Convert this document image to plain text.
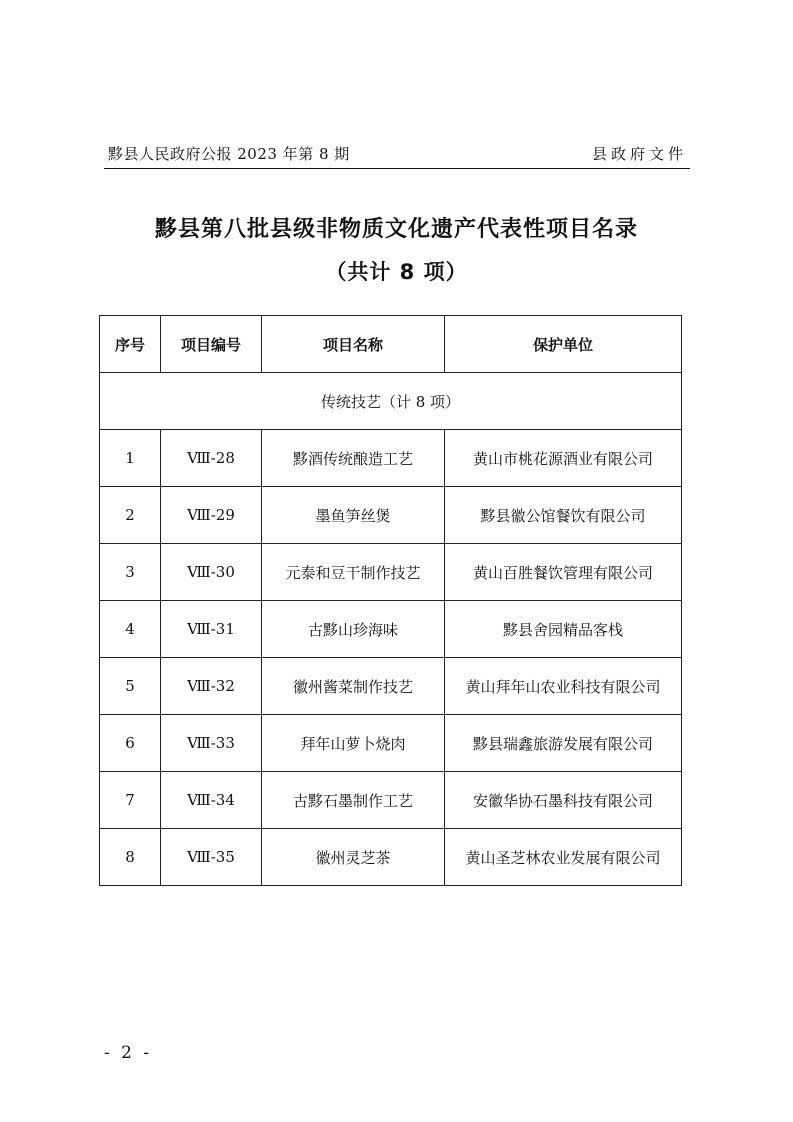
黟县人民政府公报 2023 年第 8 期	县政府文件
黟县第八批县级非物质文化遗产代表性项目名录
（共计 8 项）
序号	项目编号	项目名称	保护单位
传统技艺（计 8 项）			
1	Ⅷ-28	黟酒传统酿造工艺	黄山市桃花源酒业有限公司
2	Ⅷ-29	墨鱼笋丝煲	黟县徽公馆餐饮有限公司
3	Ⅷ-30	元泰和豆干制作技艺	黄山百胜餐饮管理有限公司
4	Ⅷ-31	古黟山珍海味	黟县舍园精品客栈
5	Ⅷ-32	徽州酱菜制作技艺	黄山拜年山农业科技有限公司
6	Ⅷ-33	拜年山萝卜烧肉	黟县瑞鑫旅游发展有限公司
7	Ⅷ-34	古黟石墨制作工艺	安徽华协石墨科技有限公司
8	Ⅷ-35	徽州灵芝茶	黄山圣芝林农业发展有限公司
- 2 -
